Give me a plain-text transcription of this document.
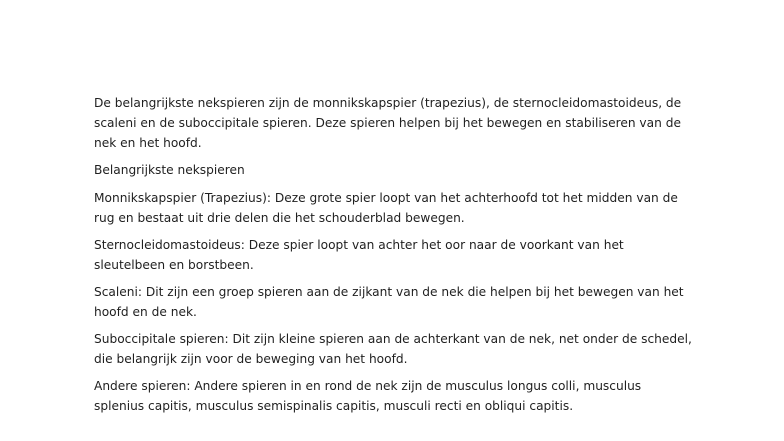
De belangrijkste nekspieren zijn de monnikskapspier (trapezius), de sternocleidomastoideus, de scaleni en de suboccipitale spieren. Deze spieren helpen bij het bewegen en stabiliseren van de nek en het hoofd.

Belangrijkste nekspieren

Monnikskapspier (Trapezius): Deze grote spier loopt van het achterhoofd tot het midden van de rug en bestaat uit drie delen die het schouderblad bewegen.

Sternocleidomastoideus: Deze spier loopt van achter het oor naar de voorkant van het sleutelbeen en borstbeen.

Scaleni: Dit zijn een groep spieren aan de zijkant van de nek die helpen bij het bewegen van het hoofd en de nek.

Suboccipitale spieren: Dit zijn kleine spieren aan de achterkant van de nek, net onder de schedel, die belangrijk zijn voor de beweging van het hoofd.

Andere spieren: Andere spieren in en rond de nek zijn de musculus longus colli, musculus splenius capitis, musculus semispinalis capitis, musculi recti en obliqui capitis.
